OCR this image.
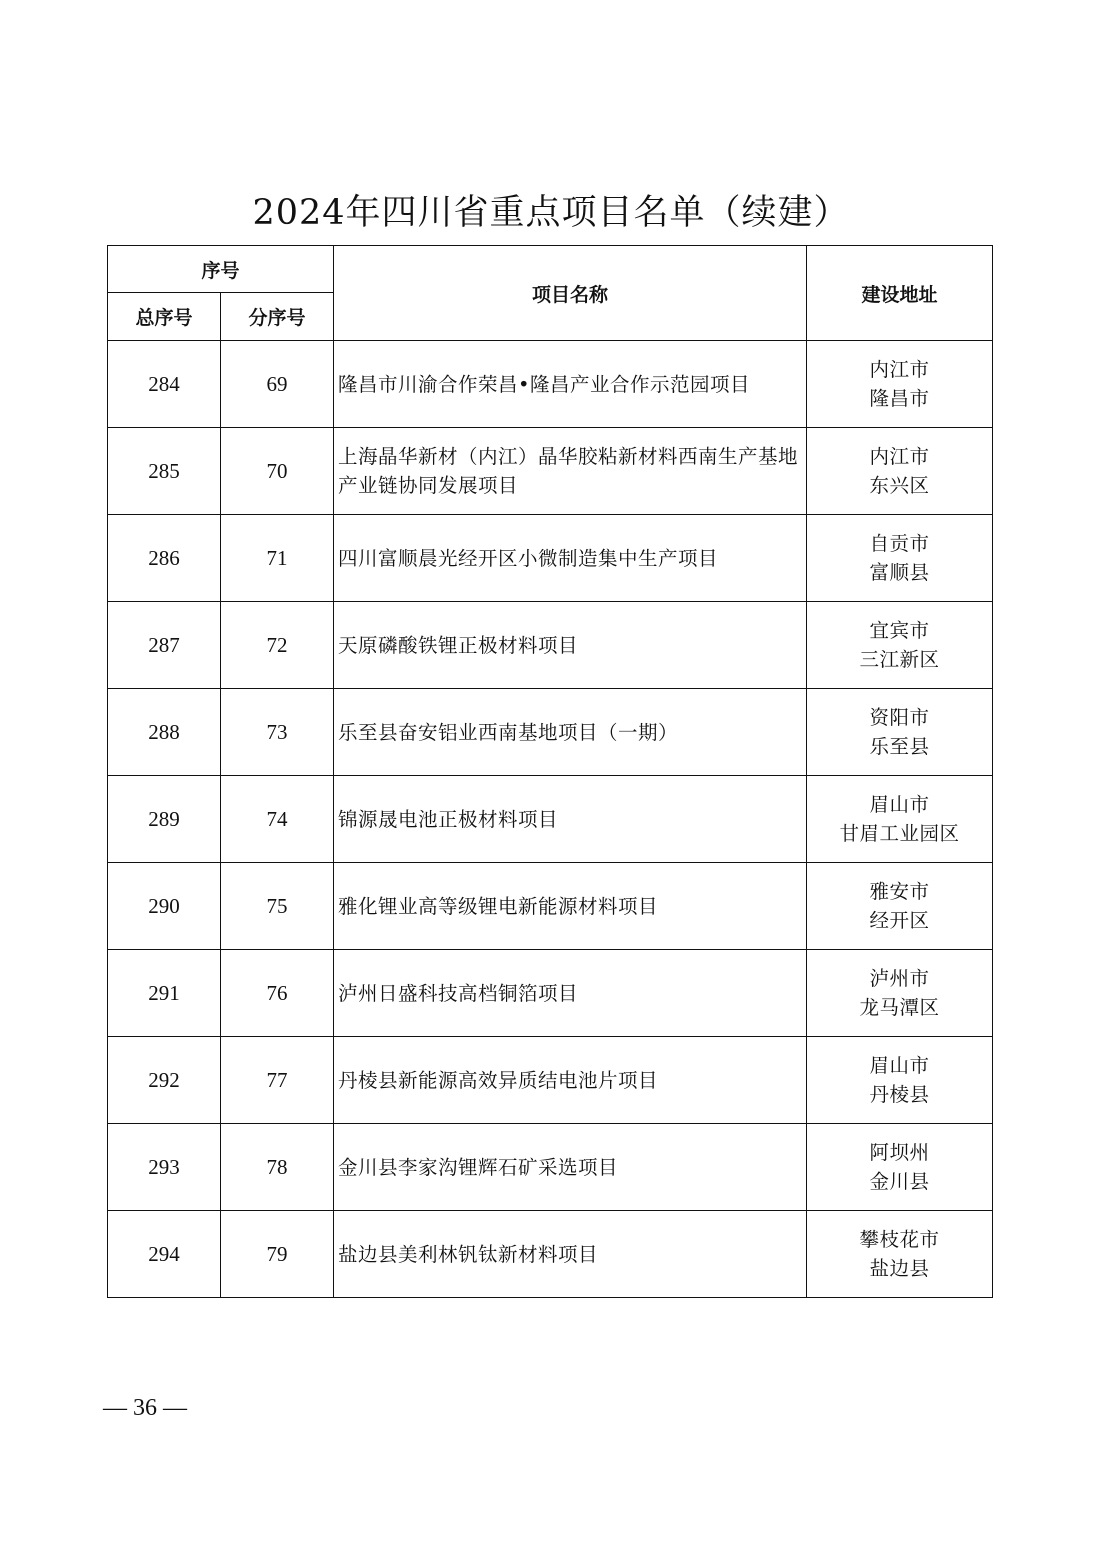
2024年四川省重点项目名单（续建）
序号		项目名称	建设地址
总序号	分序号		
284	69	隆昌市川渝合作荣昌•隆昌产业合作示范园项目	内江市
隆昌市

285	70	上海晶华新材（内江）晶华胶粘新材料西南生产基地产业链协同发展项目	内江市
东兴区

286	71	四川富顺晨光经开区小微制造集中生产项目	自贡市
富顺县

287	72	天原磷酸铁锂正极材料项目	宜宾市
三江新区

288	73	乐至县奋安铝业西南基地项目（一期）	资阳市
乐至县

289	74	锦源晟电池正极材料项目	眉山市
甘眉工业园区

290	75	雅化锂业高等级锂电新能源材料项目	雅安市
经开区

291	76	泸州日盛科技高档铜箔项目	泸州市
龙马潭区

292	77	丹棱县新能源高效异质结电池片项目	眉山市
丹棱县

293	78	金川县李家沟锂辉石矿采选项目	阿坝州
金川县

294	79	盐边县美利林钒钛新材料项目	攀枝花市
盐边县
— 36 —
